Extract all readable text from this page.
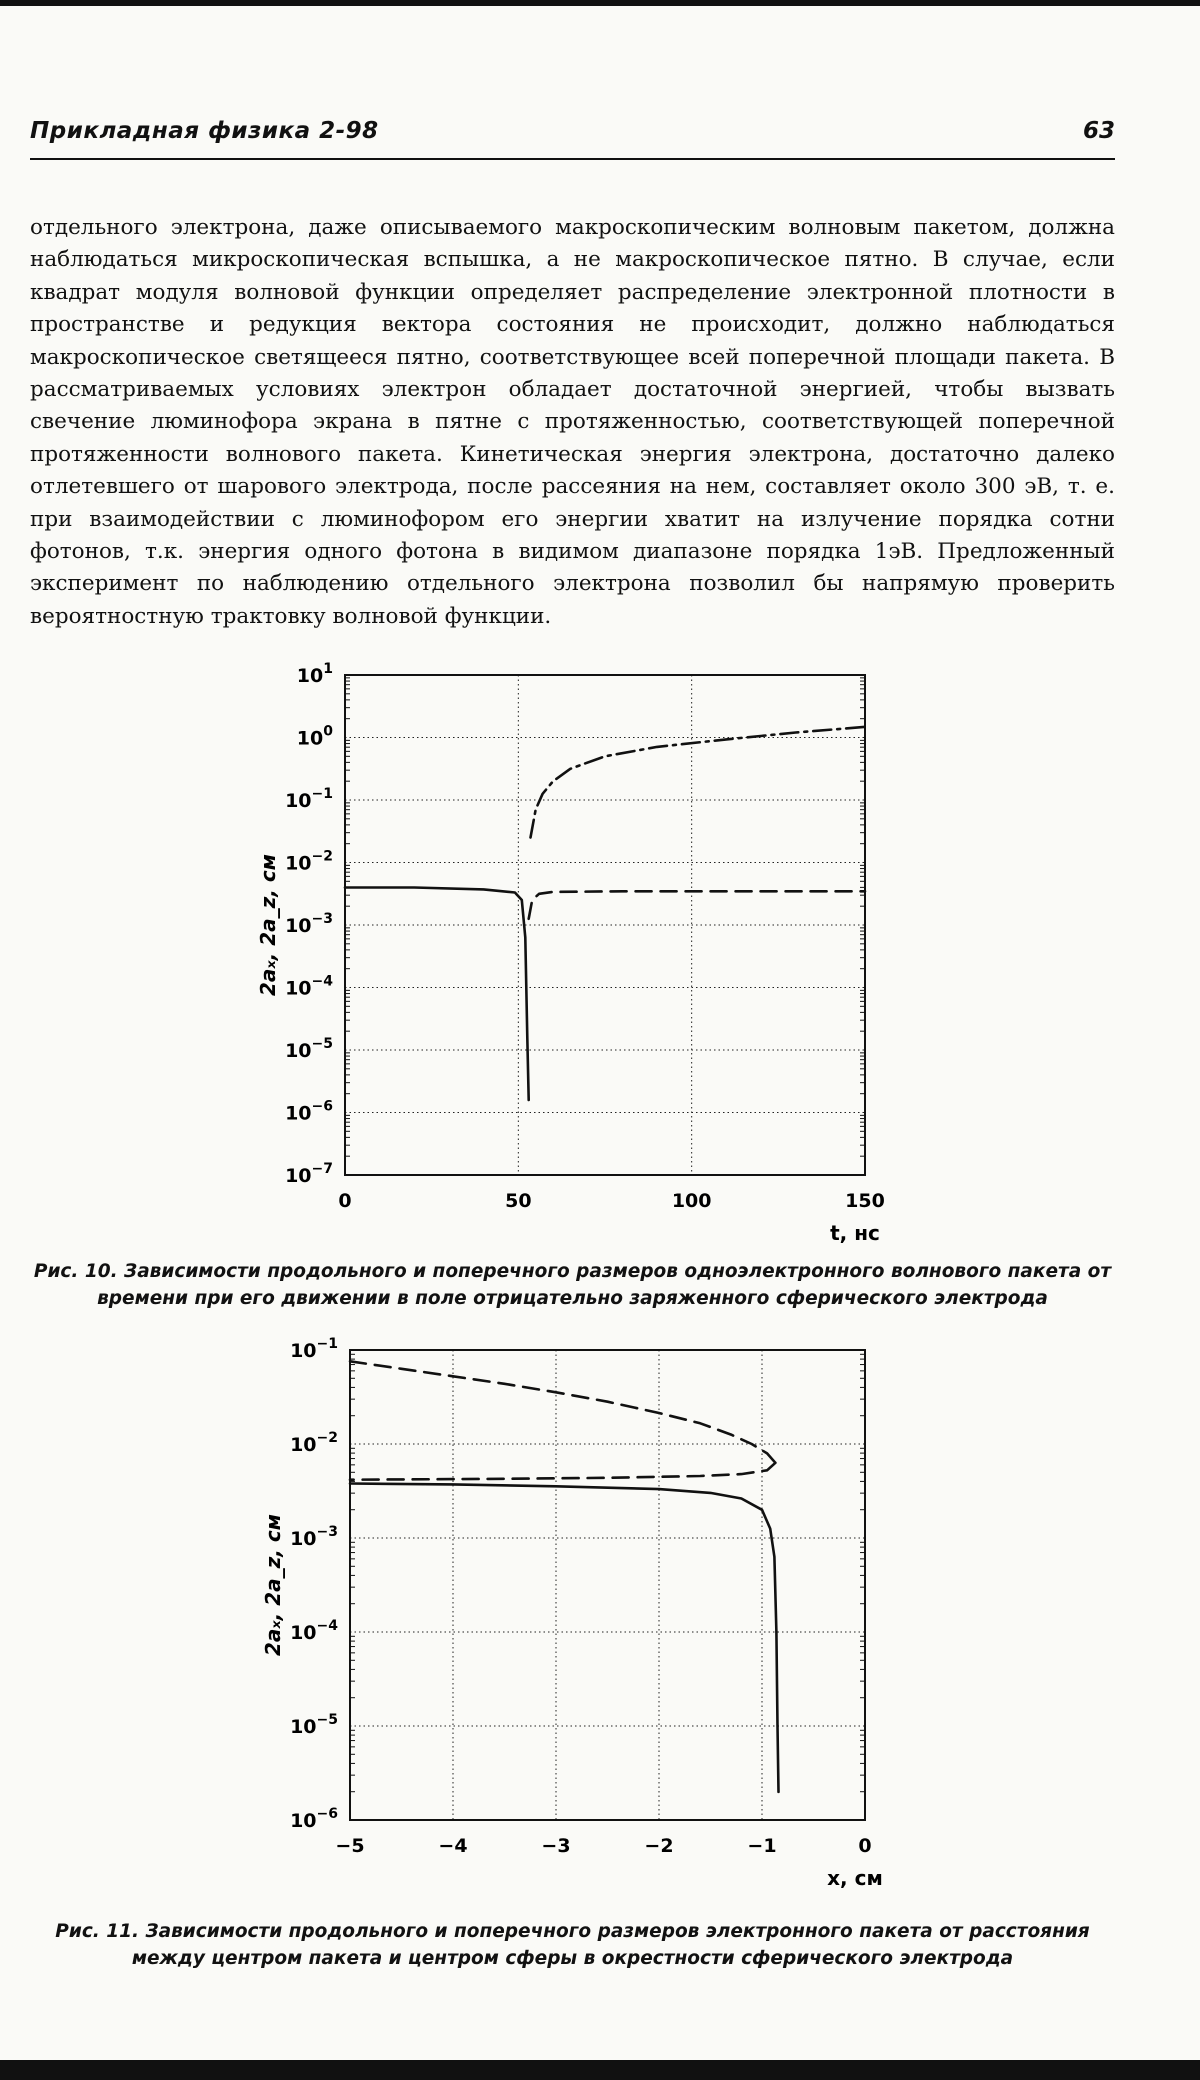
Прикладная физика 2-98	63

отдельного электрона, даже описываемого макроскопическим волновым пакетом, должна наблюдаться микроскопическая вспышка, а не макроскопическое пятно. В случае, если квадрат модуля волновой функции определяет распределение электронной плотности в пространстве и редукция вектора состояния не происходит, должно наблюдаться макроскопическое светящееся пятно, соответствующее всей поперечной площади пакета. В рассматриваемых условиях электрон обладает достаточной энергией, чтобы вызвать свечение люминофора экрана в пятне с протяженностью, соответствующей поперечной протяженности волнового пакета. Кинетическая энергия электрона, достаточно далеко отлетевшего от шарового электрода, после рассеяния на нем, составляет около 300 эВ, т. е. при взаимодействии с люминофором его энергии хватит на излучение порядка сотни фотонов, т.к. энергия одного фотона в видимом диапазоне порядка 1эВ. Предложенный эксперимент по наблюдению отдельного электрона позволил бы напрямую проверить вероятностную трактовку волновой функции.

0	50	100	150
$10^1$
$10^0$
$10^{-1}$
$10^{-2}$
$10^{-3}$
$10^{-4}$
$10^{-5}$
$10^{-6}$
$10^{-7}$
2aₓ, 2a_z, см
t, нс
Рис. 10. Зависимости продольного и поперечного размеров одноэлектронного волнового пакета от времени при его движении в поле отрицательно заряженного сферического электрода
−5	−4	−3	−2	−1	0
$10^{-1}$
$10^{-2}$
$10^{-3}$
$10^{-4}$
$10^{-5}$
$10^{-6}$
2aₓ, 2a_z, см
x, см
Рис. 11. Зависимости продольного и поперечного размеров электронного пакета от расстояния между центром пакета и центром сферы в окрестности сферического электрода
